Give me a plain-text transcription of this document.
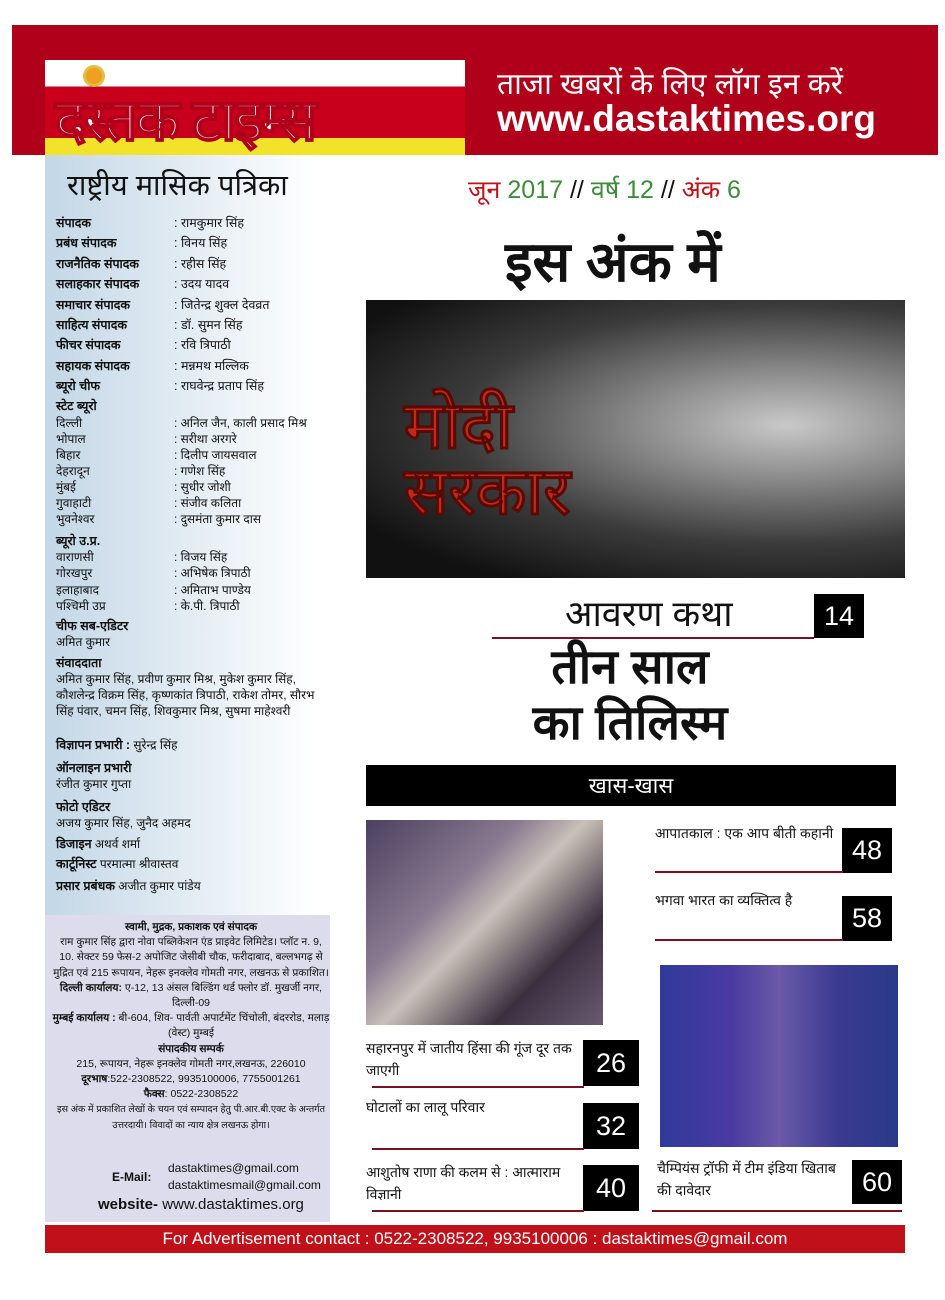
दस्तक टाइम्स
ताजा खबरों के लिए लॉग इन करें
www.dastaktimes.org
राष्ट्रीय मासिक पत्रिका
संपादक	: रामकुमार सिंह
प्रबंध संपादक	: विनय सिंह
राजनैतिक संपादक	: रहीस सिंह
सलाहकार संपादक	: उदय यादव
समाचार संपादक	: जितेन्द्र शुक्ल देवव्रत
साहित्य संपादक	: डॉ. सुमन सिंह
फीचर संपादक	: रवि त्रिपाठी
सहायक संपादक	: मन्नमथ मल्लिक
ब्यूरो चीफ	: राघवेन्द्र प्रताप सिंह
स्टेट ब्यूरो
दिल्ली	: अनिल जैन, काली प्रसाद मिश्र
भोपाल	: सरीथा अरगरे
बिहार	: दिलीप जायसवाल
देहरादून	: गणेश सिंह
मुंबई	: सुधीर जोशी
गुवाहाटी	: संजीव कलिता
भुवनेश्वर	: दुसमंता कुमार दास
ब्यूरो उ.प्र.
वाराणसी	: विजय सिंह
गोरखपुर	: अभिषेक त्रिपाठी
इलाहाबाद	: अमिताभ पाण्डेय
पश्चिमी उप्र	: के.पी. त्रिपाठी
चीफ सब-एडिटर
अमित कुमार
संवाददाता
अमित कुमार सिंह, प्रवीण कुमार मिश्र, मुकेश कुमार सिंह, कौशलेन्द्र विक्रम सिंह, कृष्णकांत त्रिपाठी, राकेश तोमर, सौरभ सिंह पंवार, चमन सिंह, शिवकुमार मिश्र, सुषमा माहेश्वरी
विज्ञापन प्रभारी : सुरेन्द्र सिंह
ऑनलाइन प्रभारी
रंजीत कुमार गुप्ता
फोटो एडिटर
अजय कुमार सिंह, जुनैद अहमद
डिजाइन अथर्व शर्मा
कार्टूनिस्ट परमात्मा श्रीवास्तव
प्रसार प्रबंधक अजीत कुमार पांडेय
स्वामी, मुद्रक, प्रकाशक एवं संपादक
राम कुमार सिंह द्वारा नोवा पब्लिकेशन एंड प्राइवेट लिमिटेड। प्लॉट न. 9, 10. सेक्टर 59 फेस-2 अपोजिट जेसीबी चौक, फरीदाबाद, बल्लभगढ़ से मुद्रित एवं 215 रूपायन, नेहरू इनक्लेव गोमती नगर, लखनऊ से प्रकाशित।
दिल्ली कार्यालय: ए-12, 13 अंसल बिल्डिंग थर्ड फ्लोर डॉ. मुखर्जी नगर, दिल्ली-09
मुम्बई कार्यालय : बी-604, शिव- पार्वती अपार्टमेंट चिंचोली, बंदररोड, मलाड़ (वेस्ट) मुम्बई
संपादकीय सम्पर्क
215, रूपायन, नेहरू इनक्लेव गोमती नगर,लखनऊ, 226010
दूरभाष:522-2308522, 9935100006, 7755001261
फैक्स: 0522-2308522
इस अंक में प्रकाशित लेखों के चयन एवं सम्पादन हेतु पी.आर.बी.एक्ट के अन्तर्गत उत्तरदायी। विवादों का न्याय क्षेत्र लखनऊ होगा।
E-Mail:
dastaktimes@gmail.com
dastaktimesmail@gmail.com
website- www.dastaktimes.org
जून 2017 // वर्ष 12 // अंक 6
इस अंक में
मोदी
सरकार
आवरण कथा	14
तीन साल
का तिलिस्म
खास-खास
सहारनपुर में जातीय हिंसा की गूंज दूर तक जाएगी	26
घोटालों का लालू परिवार
32
आशुतोष राणा की कलम से : आत्माराम विज्ञानी	40
आपातकाल : एक आप बीती कहानी
48
भगवा भारत का व्यक्तित्व है
58
चैम्पियंस ट्रॉफी में टीम इंडिया खिताब की दावेदार	60
For Advertisement contact : 0522-2308522, 9935100006 : dastaktimes@gmail.com
